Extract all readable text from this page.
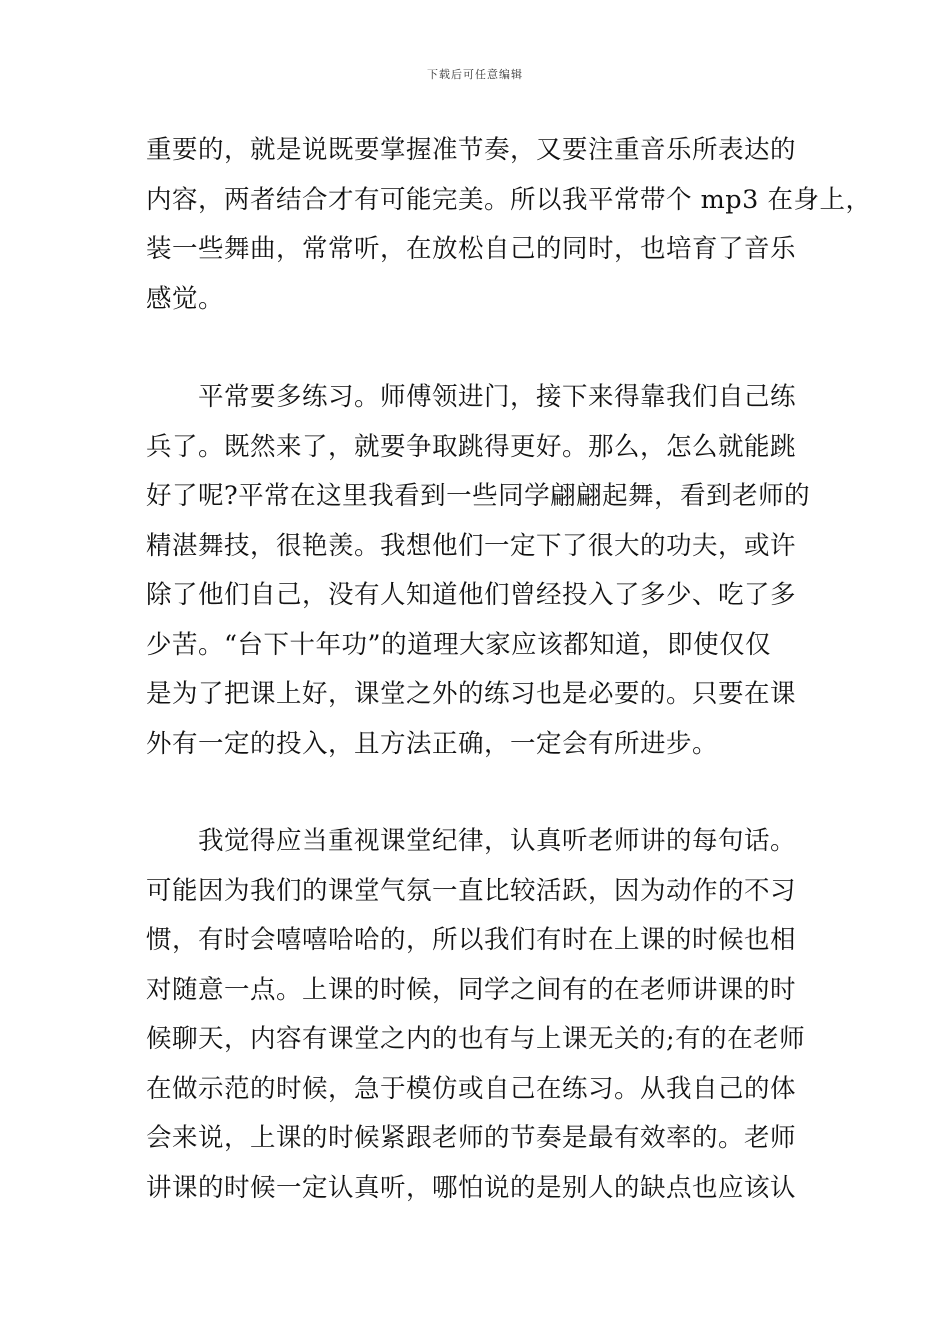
下载后可任意编辑
重要的，就是说既要掌握准节奏，又要注重音乐所表达的
内容，两者结合才有可能完美。所以我平常带个 mp3 在身上，
装一些舞曲，常常听，在放松自己的同时，也培育了音乐
感觉。
　　平常要多练习。师傅领进门，接下来得靠我们自己练
兵了。既然来了，就要争取跳得更好。那么，怎么就能跳
好了呢?平常在这里我看到一些同学翩翩起舞，看到老师的
精湛舞技，很艳羡。我想他们一定下了很大的功夫，或许
除了他们自己，没有人知道他们曾经投入了多少、吃了多
少苦。“台下十年功”的道理大家应该都知道，即使仅仅
是为了把课上好，课堂之外的练习也是必要的。只要在课
外有一定的投入，且方法正确，一定会有所进步。
　　我觉得应当重视课堂纪律，认真听老师讲的每句话。
可能因为我们的课堂气氛一直比较活跃，因为动作的不习
惯，有时会嘻嘻哈哈的，所以我们有时在上课的时候也相
对随意一点。上课的时候，同学之间有的在老师讲课的时
候聊天，内容有课堂之内的也有与上课无关的;有的在老师
在做示范的时候，急于模仿或自己在练习。从我自己的体
会来说，上课的时候紧跟老师的节奏是最有效率的。老师
讲课的时候一定认真听，哪怕说的是别人的缺点也应该认
